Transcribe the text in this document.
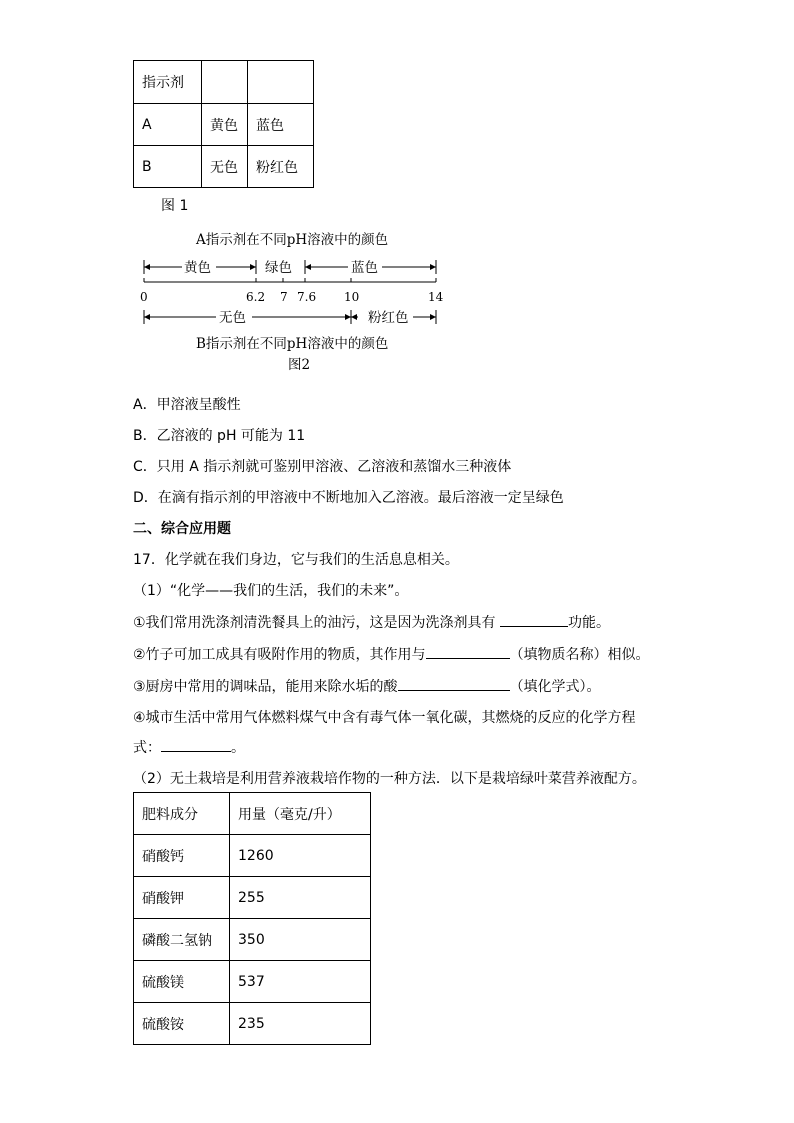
指示剂		
A	黄色	蓝色
B	无色	粉红色
图 1
A指示剂在不同pH溶液中的颜色
黄色	绿色	蓝色
0	6.2 7 7.6 10	14
无色	粉红色
B指示剂在不同pH溶液中的颜色
图2
A．甲溶液呈酸性
B．乙溶液的 pH 可能为 11
C．只用 A 指示剂就可鉴别甲溶液、乙溶液和蒸馏水三种液体
D．在滴有指示剂的甲溶液中不断地加入乙溶液。最后溶液一定呈绿色
二、综合应用题
17．化学就在我们身边，它与我们的生活息息相关。
（1）“化学——我们的生活，我们的未来”。
①我们常用洗涤剂清洗餐具上的油污，这是因为洗涤剂具有	功能。
②竹子可加工成具有吸附作用的物质，其作用与	（填物质名称）相似。
③厨房中常用的调味品，能用来除水垢的酸	（填化学式）。
④城市生活中常用气体燃料煤气中含有毒气体一氧化碳，其燃烧的反应的化学方程
式：	。
（2）无土栽培是利用营养液栽培作物的一种方法．以下是栽培绿叶菜营养液配方。
肥料成分	用量（毫克/升）
硝酸钙	1260
硝酸钾	255
磷酸二氢钠	350
硫酸镁	537
硫酸铵	235
